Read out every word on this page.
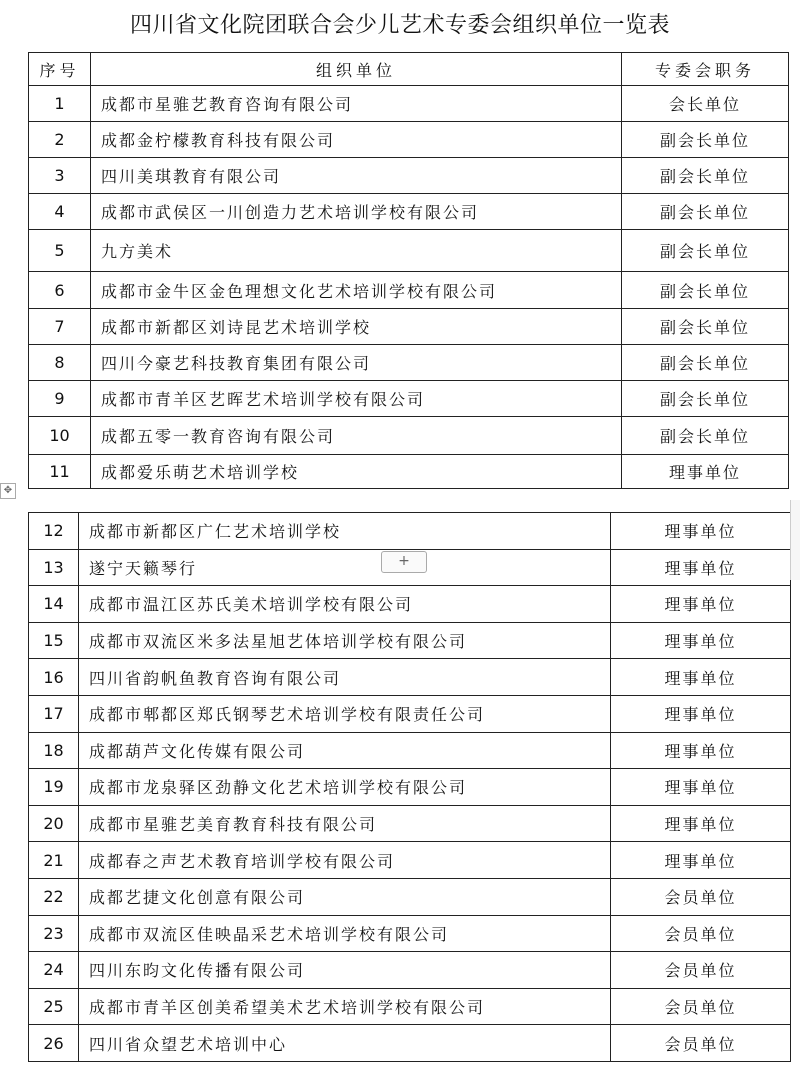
四川省文化院团联合会少儿艺术专委会组织单位一览表
序号	组织单位	专委会职务
1	成都市星骓艺教育咨询有限公司	会长单位
2	成都金柠檬教育科技有限公司	副会长单位
3	四川美琪教育有限公司	副会长单位
4	成都市武侯区一川创造力艺术培训学校有限公司	副会长单位
5	九方美术	副会长单位
6	成都市金牛区金色理想文化艺术培训学校有限公司	副会长单位
7	成都市新都区刘诗昆艺术培训学校	副会长单位
8	四川今豪艺科技教育集团有限公司	副会长单位
9	成都市青羊区艺晖艺术培训学校有限公司	副会长单位
10	成都五零一教育咨询有限公司	副会长单位
11	成都爱乐萌艺术培训学校	理事单位
12	成都市新都区广仁艺术培训学校	理事单位
13	遂宁天籁琴行	理事单位
14	成都市温江区苏氏美术培训学校有限公司	理事单位
15	成都市双流区米多法星旭艺体培训学校有限公司	理事单位
16	四川省韵帆鱼教育咨询有限公司	理事单位
17	成都市郫都区郑氏钢琴艺术培训学校有限责任公司	理事单位
18	成都葫芦文化传媒有限公司	理事单位
19	成都市龙泉驿区劲静文化艺术培训学校有限公司	理事单位
20	成都市星骓艺美育教育科技有限公司	理事单位
21	成都春之声艺术教育培训学校有限公司	理事单位
22	成都艺捷文化创意有限公司	会员单位
23	成都市双流区佳映晶采艺术培训学校有限公司	会员单位
24	四川东昀文化传播有限公司	会员单位
25	成都市青羊区创美希望美术艺术培训学校有限公司	会员单位
26	四川省众望艺术培训中心	会员单位
✥
+
